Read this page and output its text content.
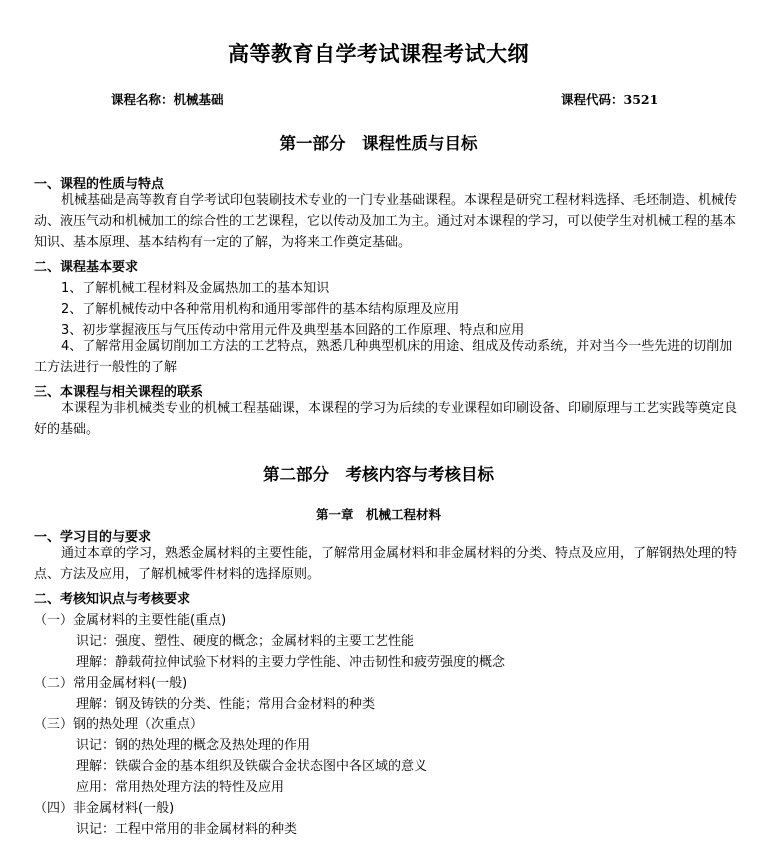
高等教育自学考试课程考试大纲
课程名称：机械基础	课程代码：3521
第一部分　课程性质与目标
一、课程的性质与特点

机械基础是高等教育自学考试印包装刷技术专业的一门专业基础课程。本课程是研究工程材料选择、毛坯制造、机械传动、液压气动和机械加工的综合性的工艺课程，它以传动及加工为主。通过对本课程的学习，可以使学生对机械工程的基本知识、基本原理、基本结构有一定的了解，为将来工作奠定基础。

二、课程基本要求
1、了解机械工程材料及金属热加工的基本知识
2、了解机械传动中各种常用机构和通用零部件的基本结构原理及应用
3、初步掌握液压与气压传动中常用元件及典型基本回路的工作原理、特点和应用

4、了解常用金属切削加工方法的工艺特点，熟悉几种典型机床的用途、组成及传动系统，并对当今一些先进的切削加工方法进行一般性的了解

三、本课程与相关课程的联系

本课程为非机械类专业的机械工程基础课，本课程的学习为后续的专业课程如印刷设备、印刷原理与工艺实践等奠定良好的基础。

第二部分　考核内容与考核目标
第一章　机械工程材料
一、学习目的与要求

通过本章的学习，熟悉金属材料的主要性能，了解常用金属材料和非金属材料的分类、特点及应用，了解钢热处理的特点、方法及应用，了解机械零件材料的选择原则。

二、考核知识点与考核要求
（一）金属材料的主要性能(重点)
识记：强度、塑性、硬度的概念；金属材料的主要工艺性能
理解：静载荷拉伸试验下材料的主要力学性能、冲击韧性和疲劳强度的概念
（二）常用金属材料(一般)
理解：钢及铸铁的分类、性能；常用合金材料的种类
（三）钢的热处理（次重点）
识记：钢的热处理的概念及热处理的作用
理解：铁碳合金的基本组织及铁碳合金状态图中各区域的意义
应用：常用热处理方法的特性及应用
（四）非金属材料(一般)
识记：工程中常用的非金属材料的种类
